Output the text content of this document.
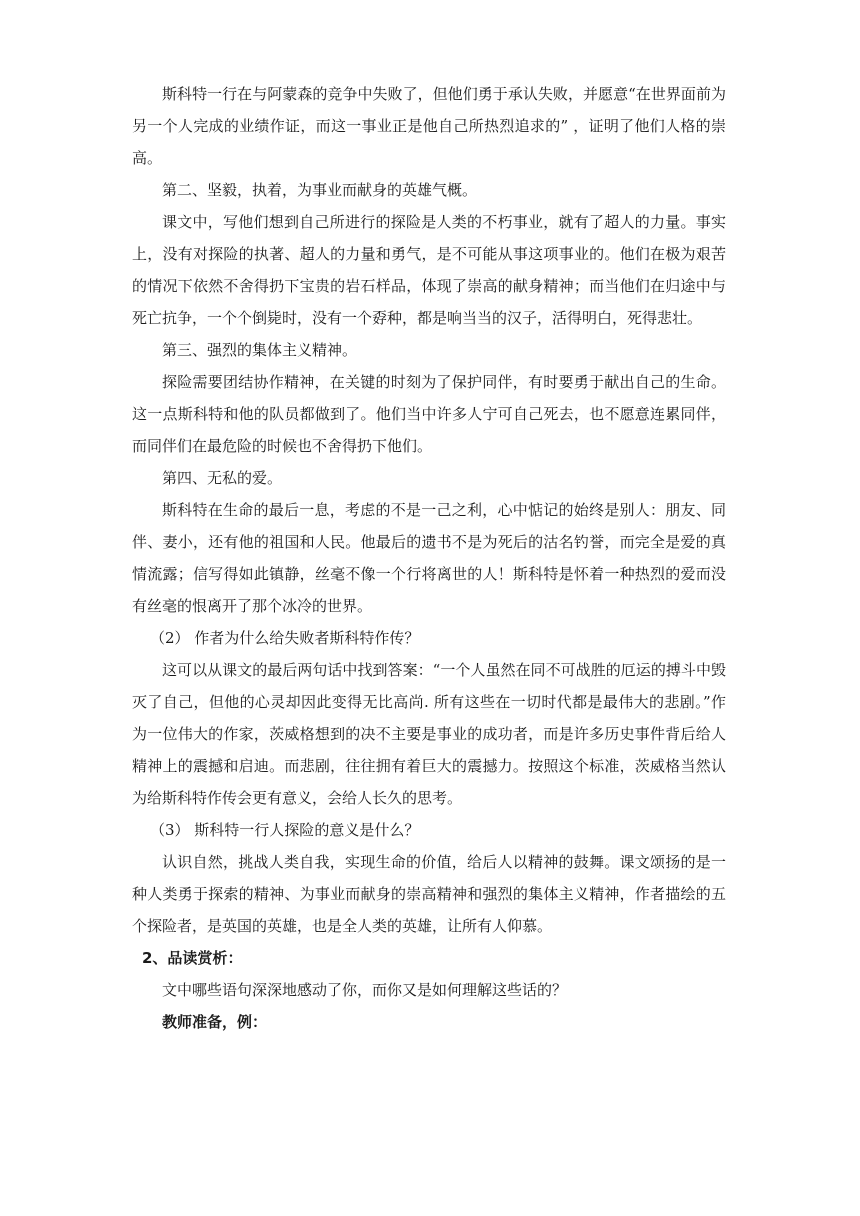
斯科特一行在与阿蒙森的竞争中失败了，但他们勇于承认失败，并愿意“在世界面前为另一个人完成的业绩作证，而这一事业正是他自己所热烈追求的” ，证明了他们人格的崇高。

第二、坚毅，执着，为事业而献身的英雄气概。

课文中，写他们想到自己所进行的探险是人类的不朽事业，就有了超人的力量。事实上，没有对探险的执著、超人的力量和勇气，是不可能从事这项事业的。他们在极为艰苦的情况下依然不舍得扔下宝贵的岩石样品，体现了崇高的献身精神；而当他们在归途中与死亡抗争，一个个倒毙时，没有一个孬种，都是响当当的汉子，活得明白，死得悲壮。

第三、强烈的集体主义精神。

探险需要团结协作精神，在关键的时刻为了保护同伴，有时要勇于献出自己的生命。这一点斯科特和他的队员都做到了。他们当中许多人宁可自己死去，也不愿意连累同伴，而同伴们在最危险的时候也不舍得扔下他们。

第四、无私的爱。

斯科特在生命的最后一息，考虑的不是一己之利，心中惦记的始终是别人：朋友、同伴、妻小，还有他的祖国和人民。他最后的遗书不是为死后的沽名钓誉，而完全是爱的真情流露；信写得如此镇静，丝毫不像一个行将离世的人！斯科特是怀着一种热烈的爱而没有丝毫的恨离开了那个冰冷的世界。

（2） 作者为什么给失败者斯科特作传？

这可以从课文的最后两句话中找到答案：“一个人虽然在同不可战胜的厄运的搏斗中毁灭了自己，但他的心灵却因此变得无比高尚. 所有这些在一切时代都是最伟大的悲剧。”作为一位伟大的作家，茨威格想到的决不主要是事业的成功者，而是许多历史事件背后给人精神上的震撼和启迪。而悲剧，往往拥有着巨大的震撼力。按照这个标准，茨威格当然认为给斯科特作传会更有意义，会给人长久的思考。

（3） 斯科特一行人探险的意义是什么？

认识自然，挑战人类自我，实现生命的价值，给后人以精神的鼓舞。课文颂扬的是一种人类勇于探索的精神、为事业而献身的崇高精神和强烈的集体主义精神，作者描绘的五个探险者，是英国的英雄，也是全人类的英雄，让所有人仰慕。

2、品读赏析：

文中哪些语句深深地感动了你，而你又是如何理解这些话的？

教师准备，例：
